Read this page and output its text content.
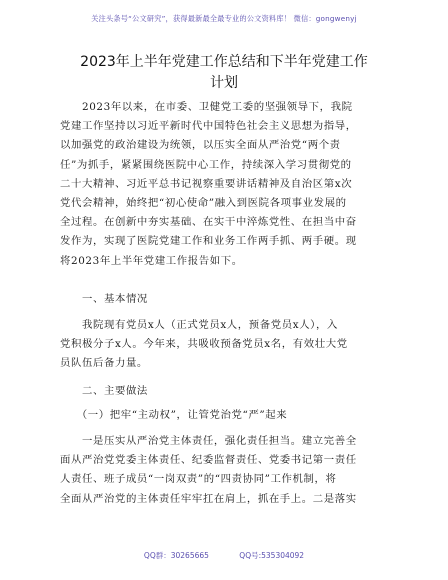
关注头条号“公文研究”，获得最新最全最专业的公文资料库！ 微信：gongwenyj
2023年上半年党建工作总结和下半年党建工作
计划
　　2023年以来，在市委、卫健党工委的坚强领导下，我院
党建工作坚持以习近平新时代中国特色社会主义思想为指导，
以加强党的政治建设为统领，以压实全面从严治党“两个责
任”为抓手，紧紧围绕医院中心工作，持续深入学习贯彻党的
二十大精神、习近平总书记视察重要讲话精神及自治区第x次
党代会精神，始终把“初心使命”融入到医院各项事业发展的
全过程。在创新中夯实基础、在实干中淬炼党性、在担当中奋
发作为，实现了医院党建工作和业务工作两手抓、两手硬。现
将2023年上半年党建工作报告如下。
　　一、基本情况
　　我院现有党员x人（正式党员x人，预备党员x人），入
党积极分子x人。今年来，共吸收预备党员x名，有效壮大党
员队伍后备力量。
　　二、主要做法
　　（一）把牢“主动权”，让管党治党“严”起来
　　一是压实从严治党主体责任，强化责任担当。建立完善全
面从严治党党委主体责任、纪委监督责任、党委书记第一责任
人责任、班子成员“一岗双责”的“四责协同”工作机制，将
全面从严治党的主体责任牢牢扛在肩上，抓在手上。二是落实
QQ群：30265665	QQ号:535304092
